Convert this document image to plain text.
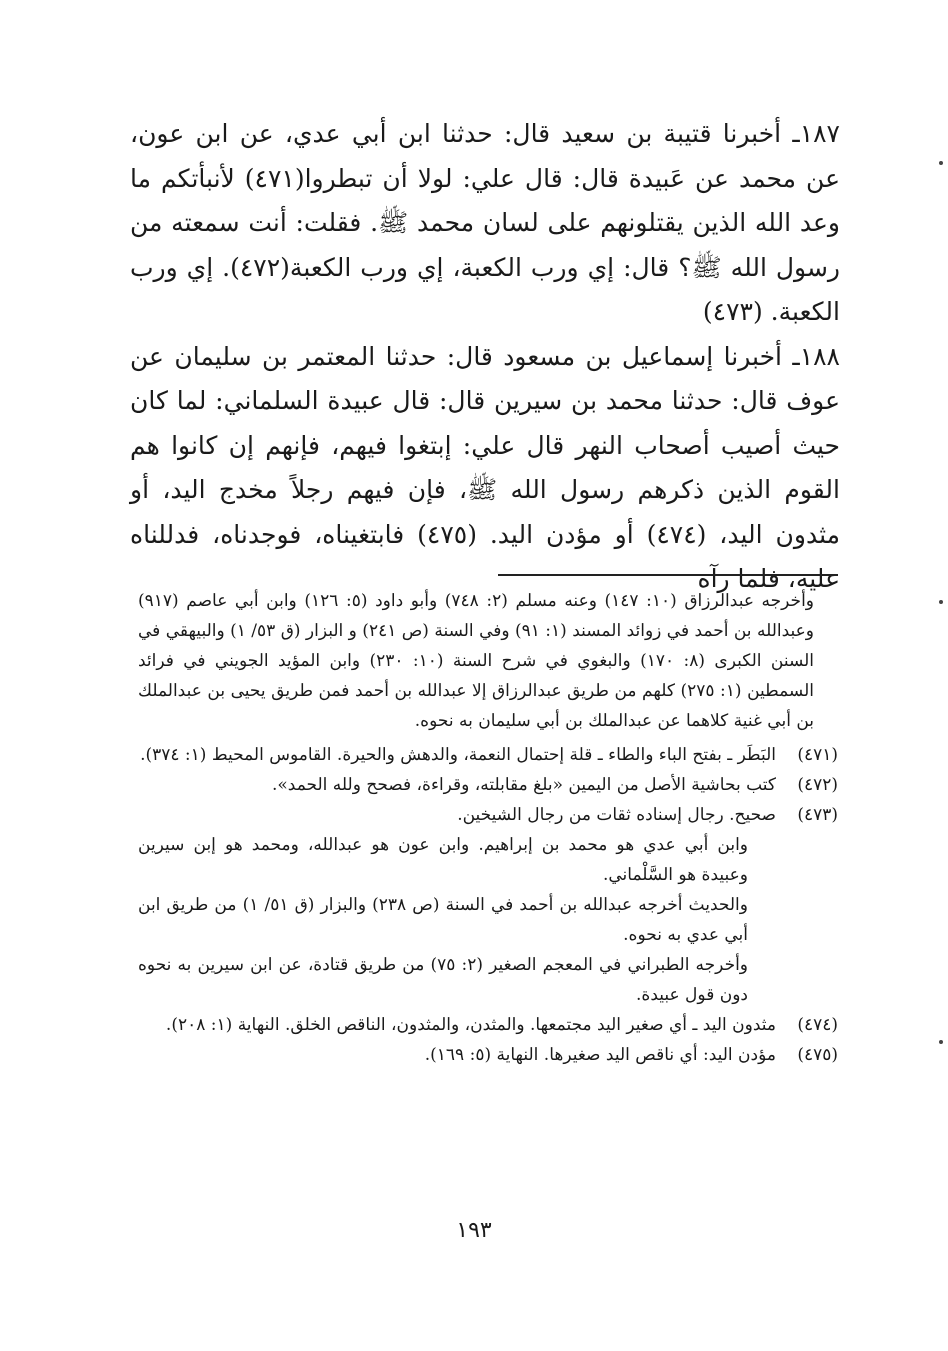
١٨٧ـ أخبرنا قتيبة بن سعيد قال: حدثنا ابن أبي عدي، عن ابن عون، عن محمد عن عَبيدة قال: قال علي: لولا أن تبطروا(٤٧١) لأنبأتكم ما وعد الله الذين يقتلونهم على لسان محمد ﷺ. فقلت: أنت سمعته من رسول الله ﷺ؟ قال: إي ورب الكعبة، إي ورب الكعبة(٤٧٢). إي ورب الكعبة. (٤٧٣)

١٨٨ـ أخبرنا إسماعيل بن مسعود قال: حدثنا المعتمر بن سليمان عن عوف قال: حدثنا محمد بن سيرين قال: قال عبيدة السلماني: لما كان حيث أصيب أصحاب النهر قال علي: إبتغوا فيهم، فإنهم إن كانوا هم القوم الذين ذكرهم رسول الله ﷺ، فإن فيهم رجلاً مخدج اليد، أو مثدون اليد، (٤٧٤) أو مؤدن اليد. (٤٧٥) فابتغيناه، فوجدناه، فدللناه عليه، فلما رآه

وأخرجه عبدالرزاق (١٠: ١٤٧) وعنه مسلم (٢: ٧٤٨) وأبو داود (٥: ١٢٦) وابن أبي عاصم (٩١٧) وعبدالله بن أحمد في زوائد المسند (١: ٩١) وفي السنة (ص ٢٤١) و البزار (ق ٥٣/ ١) والبيهقي في السنن الكبرى (٨: ١٧٠) والبغوي في شرح السنة (١٠: ٢٣٠) وابن المؤيد الجويني في فرائد السمطين (١: ٢٧٥) كلهم من طريق عبدالرزاق إلا عبدالله بن أحمد فمن طريق يحيى بن عبدالملك بن أبي غنية كلاهما عن عبدالملك بن أبي سليمان به نحوه.

(٤٧١)
البَطَر ـ بفتح الباء والطاء ـ قلة إحتمال النعمة، والدهش والحيرة. القاموس المحيط (١: ٣٧٤).
(٤٧٢)
كتب بحاشية الأصل من اليمين «بلغ مقابلته، وقراءة، فصحح ولله الحمد».
(٤٧٣)
صحيح. رجال إسناده ثقات من رجال الشيخين.

وابن أبي عدي هو محمد بن إبراهيم. وابن عون هو عبدالله، ومحمد هو إبن سيرين وعبيدة هو السَّلْماني.

والحديث أخرجه عبدالله بن أحمد في السنة (ص ٢٣٨) والبزار (ق ٥١/ ١) من طريق ابن أبي عدي به نحوه.

وأخرجه الطبراني في المعجم الصغير (٢: ٧٥) من طريق قتادة، عن ابن سيرين به نحوه دون قول عبيدة.

(٤٧٤)
مثدون اليد ـ أي صغير اليد مجتمعها. والمثدن، والمثدون، الناقص الخلق. النهاية (١: ٢٠٨).
(٤٧٥)
مؤدن اليد: أي ناقص اليد صغيرها. النهاية (٥: ١٦٩).
١٩٣
